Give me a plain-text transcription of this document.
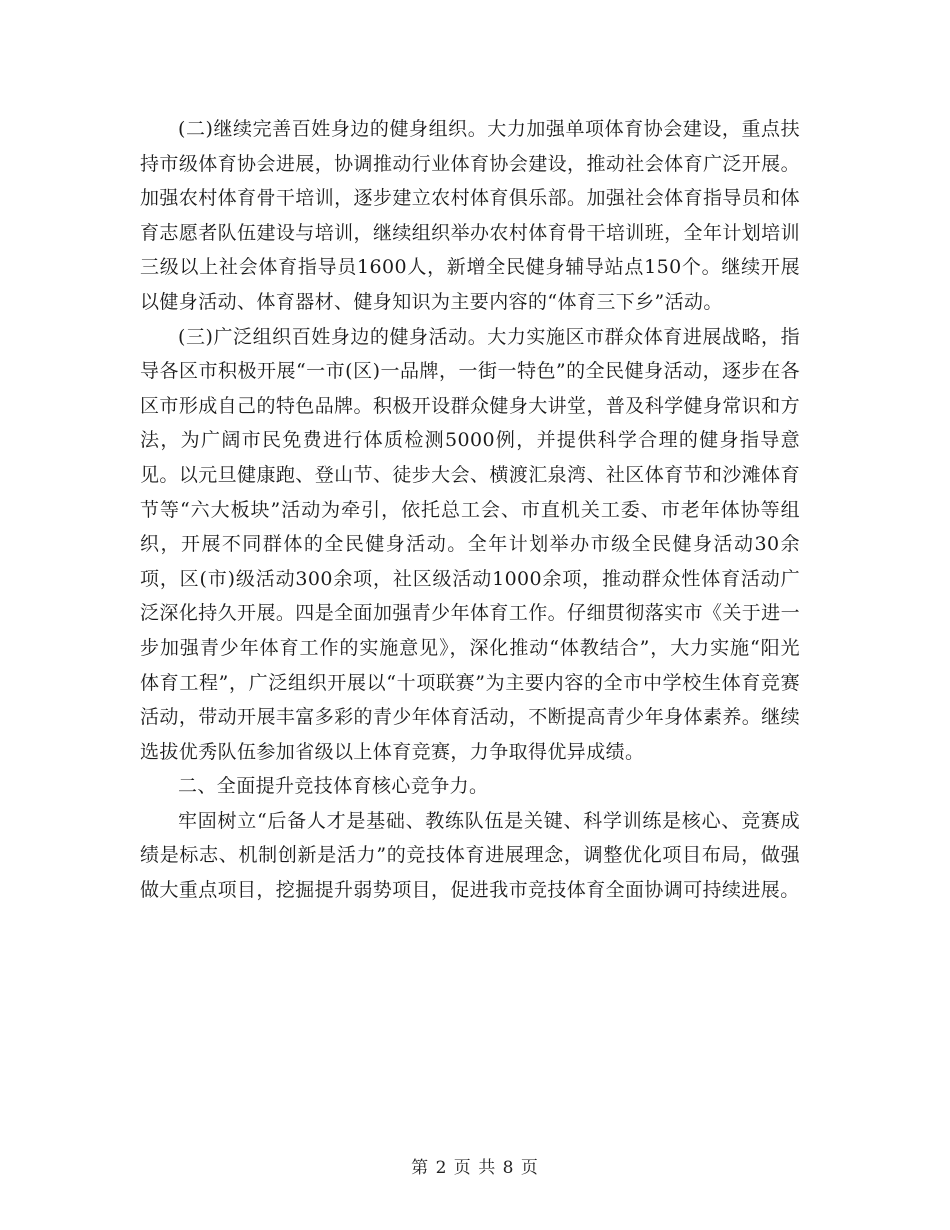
(二)继续完善百姓身边的健身组织。大力加强单项体育协会建设，重点扶持市级体育协会进展，协调推动行业体育协会建设，推动社会体育广泛开展。加强农村体育骨干培训，逐步建立农村体育俱乐部。加强社会体育指导员和体育志愿者队伍建设与培训，继续组织举办农村体育骨干培训班，全年计划培训三级以上社会体育指导员1600人，新增全民健身辅导站点150个。继续开展以健身活动、体育器材、健身知识为主要内容的“体育三下乡”活动。

(三)广泛组织百姓身边的健身活动。大力实施区市群众体育进展战略，指导各区市积极开展“一市(区)一品牌，一街一特色”的全民健身活动，逐步在各区市形成自己的特色品牌。积极开设群众健身大讲堂，普及科学健身常识和方法，为广阔市民免费进行体质检测5000例，并提供科学合理的健身指导意见。以元旦健康跑、登山节、徒步大会、横渡汇泉湾、社区体育节和沙滩体育节等“六大板块”活动为牵引，依托总工会、市直机关工委、市老年体协等组织，开展不同群体的全民健身活动。全年计划举办市级全民健身活动30余项，区(市)级活动300余项，社区级活动1000余项，推动群众性体育活动广泛深化持久开展。四是全面加强青少年体育工作。仔细贯彻落实市《关于进一步加强青少年体育工作的实施意见》，深化推动“体教结合”，大力实施“阳光体育工程”，广泛组织开展以“十项联赛”为主要内容的全市中学校生体育竞赛活动，带动开展丰富多彩的青少年体育活动，不断提高青少年身体素养。继续选拔优秀队伍参加省级以上体育竞赛，力争取得优异成绩。

二、全面提升竞技体育核心竞争力。

牢固树立“后备人才是基础、教练队伍是关键、科学训练是核心、竞赛成绩是标志、机制创新是活力”的竞技体育进展理念，调整优化项目布局，做强做大重点项目，挖掘提升弱势项目，促进我市竞技体育全面协调可持续进展。

第 2 页 共 8 页
